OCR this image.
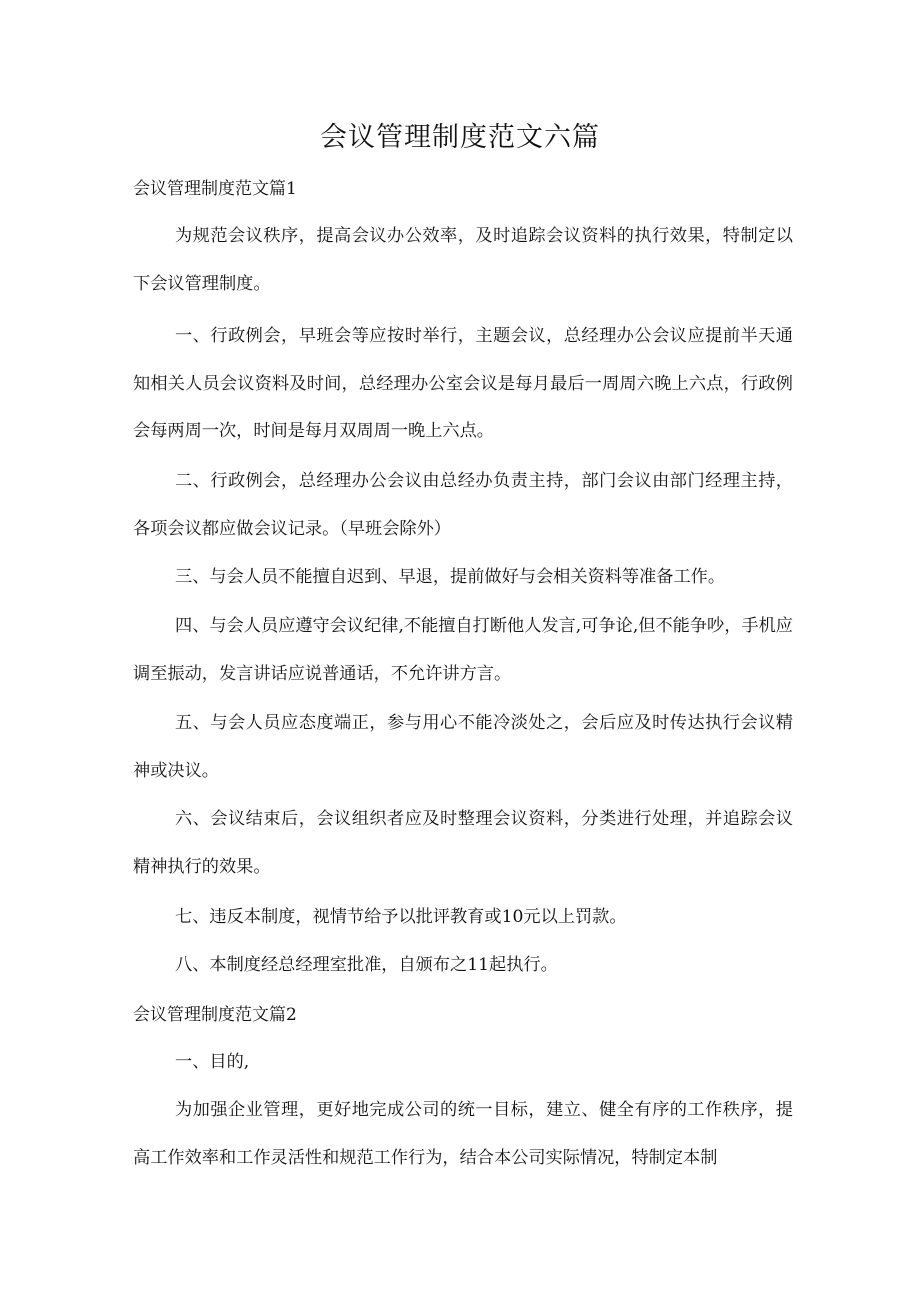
会议管理制度范文六篇
会议管理制度范文篇1
为规范会议秩序，提高会议办公效率，及时追踪会议资料的执行效果，特制定以下会议管理制度。
一、行政例会，早班会等应按时举行，主题会议，总经理办公会议应提前半天通知相关人员会议资料及时间，总经理办公室会议是每月最后一周周六晚上六点，行政例会每两周一次，时间是每月双周周一晚上六点。
二、行政例会，总经理办公会议由总经办负责主持，部门会议由部门经理主持，各项会议都应做会议记录。（早班会除外）
三、与会人员不能擅自迟到、早退，提前做好与会相关资料等准备工作。
四、与会人员应遵守会议纪律,不能擅自打断他人发言,可争论,但不能争吵，手机应调至振动，发言讲话应说普通话，不允许讲方言。
五、与会人员应态度端正，参与用心不能冷淡处之，会后应及时传达执行会议精神或决议。
六、会议结束后，会议组织者应及时整理会议资料，分类进行处理，并追踪会议精神执行的效果。
七、违反本制度，视情节给予以批评教育或10元以上罚款。
八、本制度经总经理室批准，自颁布之11起执行。
会议管理制度范文篇2
一、目的,
为加强企业管理，更好地完成公司的统一目标，建立、健全有序的工作秩序，提高工作效率和工作灵活性和规范工作行为，结合本公司实际情况，特制定本制
